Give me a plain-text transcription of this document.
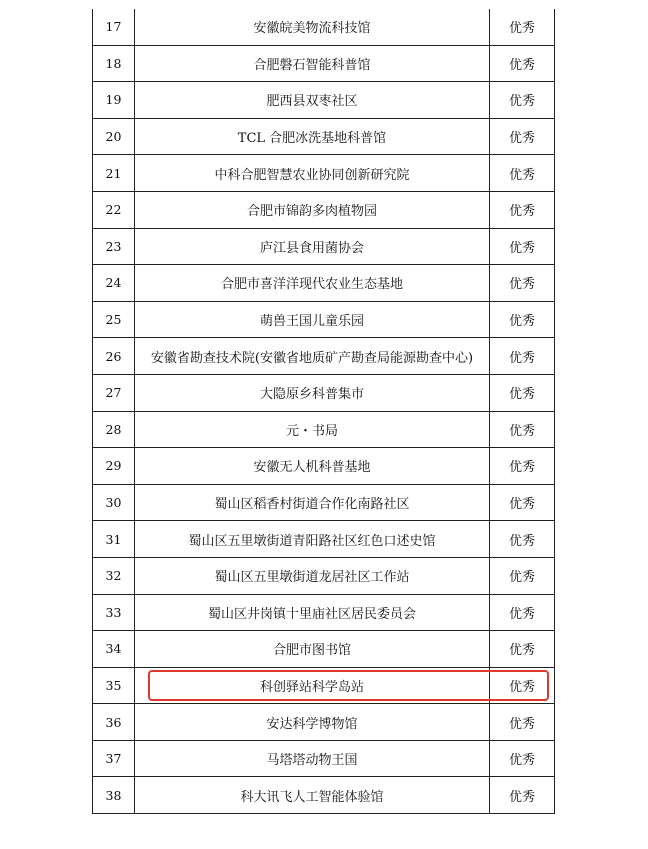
17	安徽皖美物流科技馆	优秀
18	合肥磐石智能科普馆	优秀
19	肥西县双枣社区	优秀
20	TCL 合肥冰洗基地科普馆	优秀
21	中科合肥智慧农业协同创新研究院	优秀
22	合肥市锦韵多肉植物园	优秀
23	庐江县食用菌协会	优秀
24	合肥市喜洋洋现代农业生态基地	优秀
25	萌兽王国儿童乐园	优秀
26	安徽省勘查技术院(安徽省地质矿产勘查局能源勘查中心)	优秀
27	大隐原乡科普集市	优秀
28	元・书局	优秀
29	安徽无人机科普基地	优秀
30	蜀山区稻香村街道合作化南路社区	优秀
31	蜀山区五里墩街道青阳路社区红色口述史馆	优秀
32	蜀山区五里墩街道龙居社区工作站	优秀
33	蜀山区井岗镇十里庙社区居民委员会	优秀
34	合肥市图书馆	优秀
35	科创驿站科学岛站	优秀
36	安达科学博物馆	优秀
37	马塔塔动物王国	优秀
38	科大讯飞人工智能体验馆	优秀
